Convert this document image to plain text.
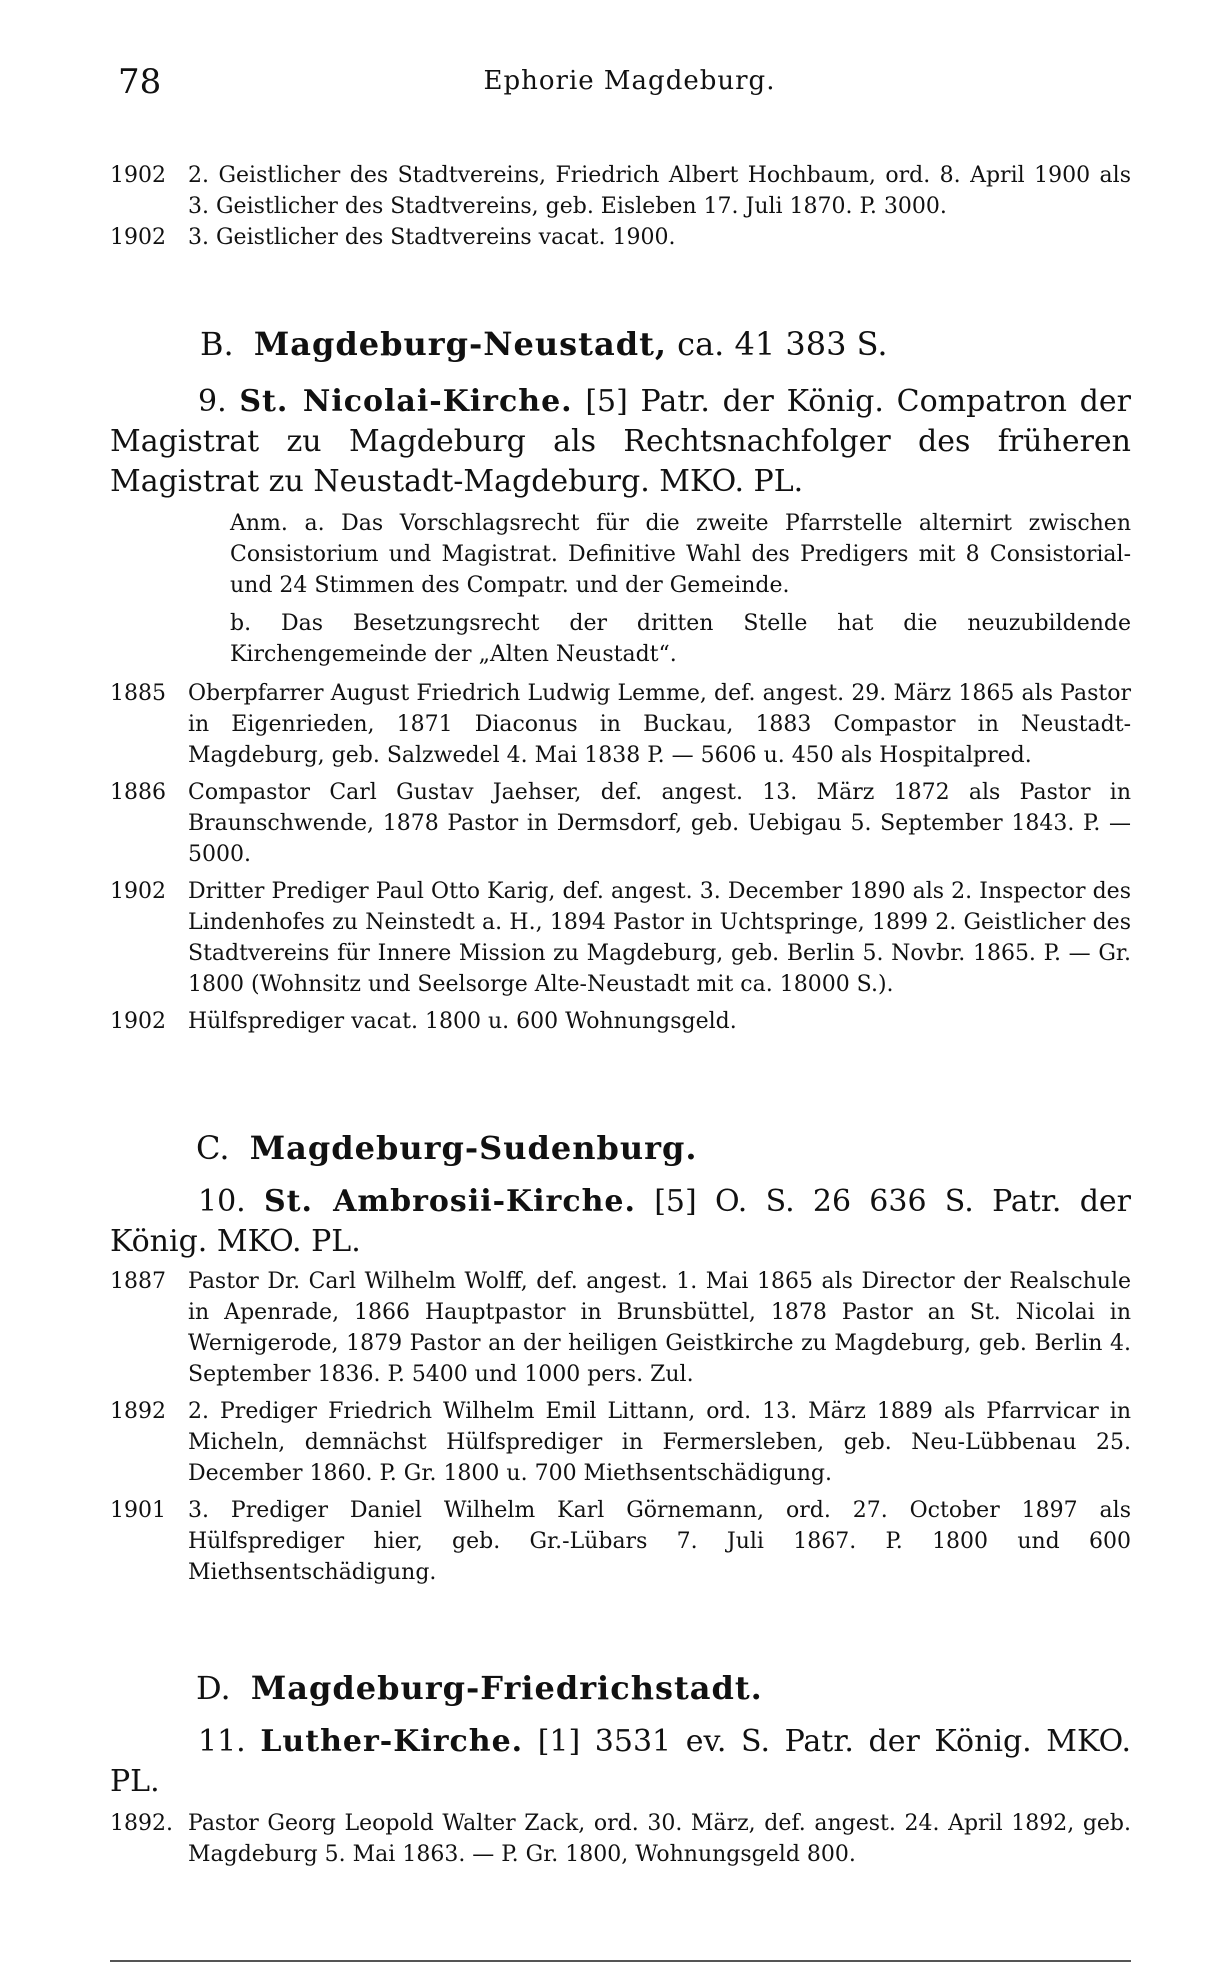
78	Ephorie Magdeburg.
1902	2. Geistlicher des Stadtvereins, Friedrich Albert Hochbaum, ord. 8. April 1900 als 3. Geistlicher des Stadtvereins, geb. Eisleben 17. Juli 1870. P. 3000.
1902	3. Geistlicher des Stadtvereins vacat. 1900.
B. Magdeburg-Neustadt, ca. 41 383 S.
9. St. Nicolai-Kirche. [5] Patr. der König. Compatron der Magistrat zu Magdeburg als Rechtsnachfolger des früheren Magistrat zu Neustadt-Magdeburg. MKO. PL.
Anm. a. Das Vorschlagsrecht für die zweite Pfarrstelle alternirt zwischen Consistorium und Magistrat. Definitive Wahl des Predigers mit 8 Consistorial- und 24 Stimmen des Compatr. und der Gemeinde.
b. Das Besetzungsrecht der dritten Stelle hat die neuzubildende Kirchengemeinde der „Alten Neustadt“.
1885	Oberpfarrer August Friedrich Ludwig Lemme, def. angest. 29. März 1865 als Pastor in Eigenrieden, 1871 Diaconus in Buckau, 1883 Compastor in Neustadt-Magdeburg, geb. Salzwedel 4. Mai 1838 P. — 5606 u. 450 als Hospitalpred.
1886	Compastor Carl Gustav Jaehser, def. angest. 13. März 1872 als Pastor in Braunschwende, 1878 Pastor in Dermsdorf, geb. Uebigau 5. September 1843. P. — 5000.
1902	Dritter Prediger Paul Otto Karig, def. angest. 3. December 1890 als 2. Inspector des Lindenhofes zu Neinstedt a. H., 1894 Pastor in Uchtspringe, 1899 2. Geistlicher des Stadtvereins für Innere Mission zu Magdeburg, geb. Berlin 5. Novbr. 1865. P. — Gr. 1800 (Wohnsitz und Seelsorge Alte-Neustadt mit ca. 18000 S.).
1902	Hülfsprediger vacat. 1800 u. 600 Wohnungsgeld.
C. Magdeburg-Sudenburg.
10. St. Ambrosii-Kirche. [5] O. S. 26 636 S. Patr. der König. MKO. PL.
1887	Pastor Dr. Carl Wilhelm Wolff, def. angest. 1. Mai 1865 als Director der Realschule in Apenrade, 1866 Hauptpastor in Brunsbüttel, 1878 Pastor an St. Nicolai in Wernigerode, 1879 Pastor an der heiligen Geistkirche zu Magdeburg, geb. Berlin 4. September 1836. P. 5400 und 1000 pers. Zul.
1892	2. Prediger Friedrich Wilhelm Emil Littann, ord. 13. März 1889 als Pfarrvicar in Micheln, demnächst Hülfsprediger in Fermersleben, geb. Neu-Lübbenau 25. December 1860. P. Gr. 1800 u. 700 Miethsentschädigung.
1901	3. Prediger Daniel Wilhelm Karl Görnemann, ord. 27. October 1897 als Hülfsprediger hier, geb. Gr.-Lübars 7. Juli 1867. P. 1800 und 600 Miethsentschädigung.
D. Magdeburg-Friedrichstadt.
11. Luther-Kirche. [1] 3531 ev. S. Patr. der König. MKO. PL.
1892. Pastor Georg Leopold Walter Zack, ord. 30. März, def. angest. 24. April 1892, geb. Magdeburg 5. Mai 1863. — P. Gr. 1800, Wohnungsgeld 800.
